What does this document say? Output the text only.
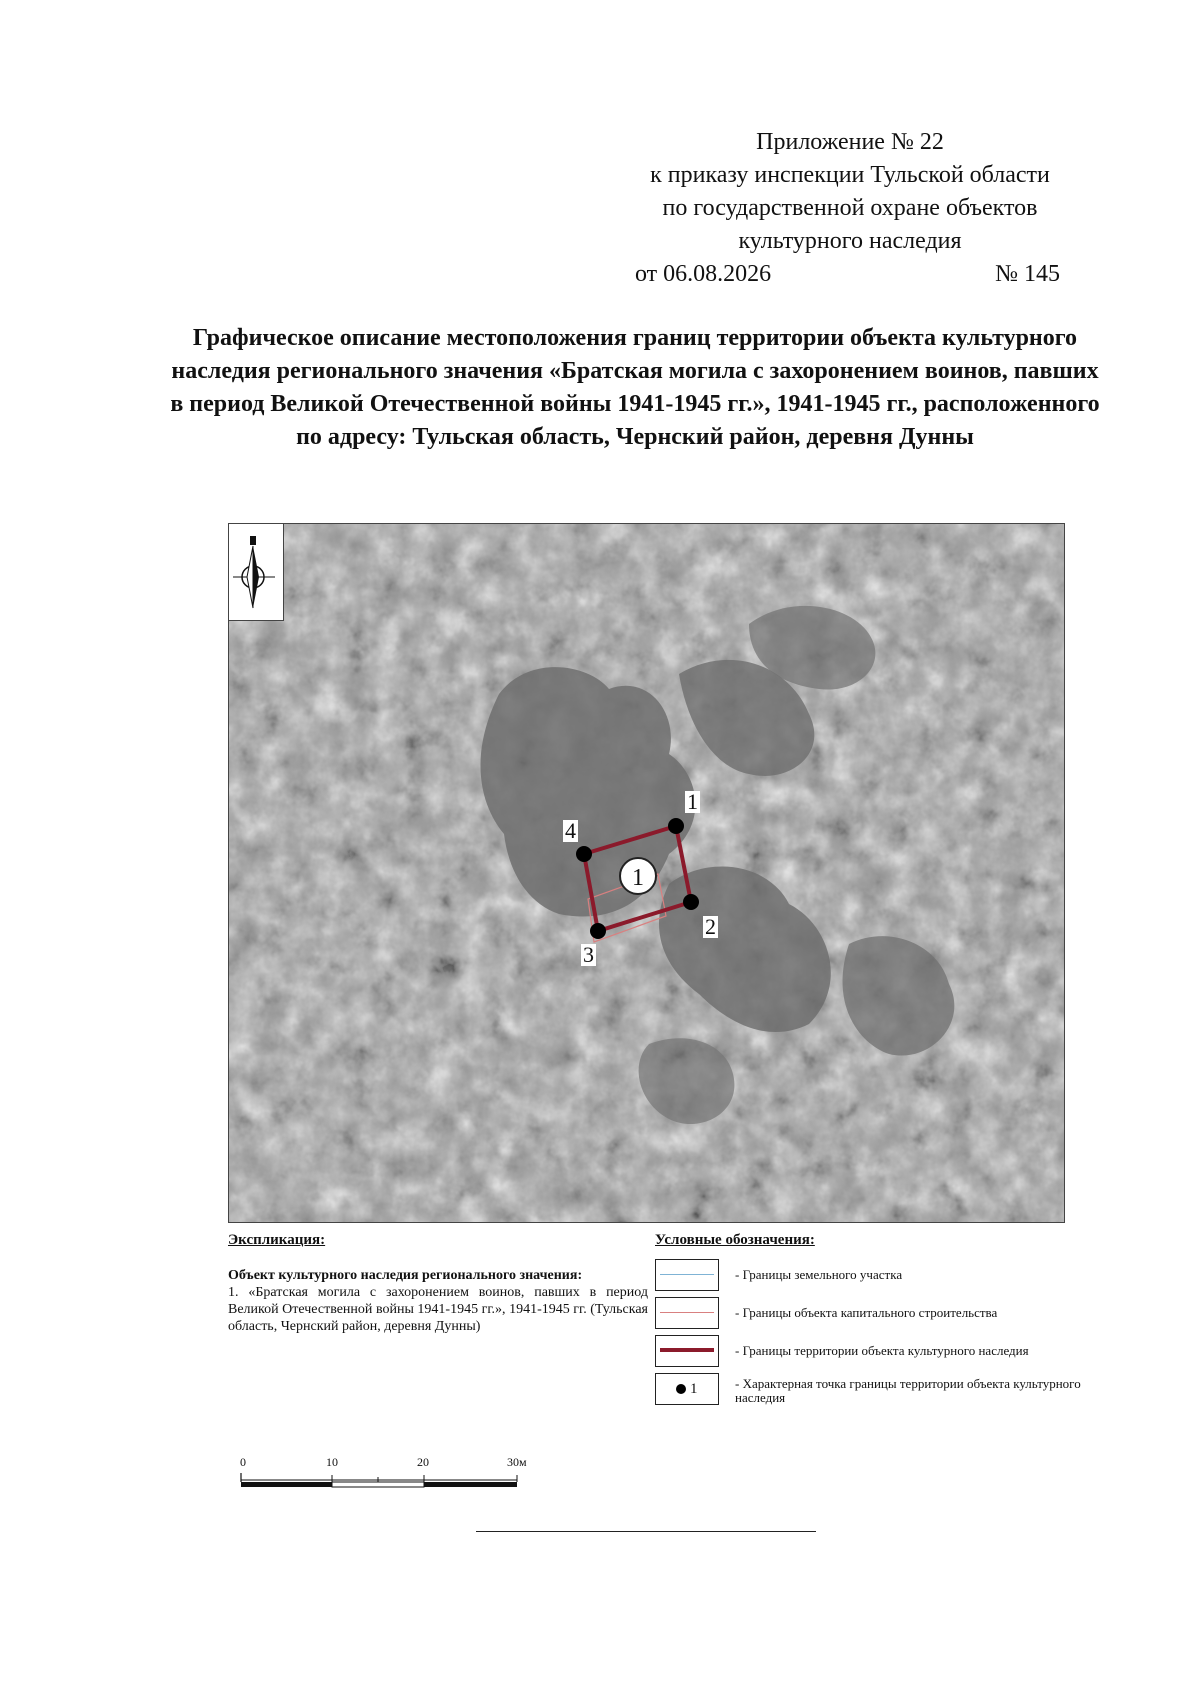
Приложение № 22
к приказу инспекции Тульской области
по государственной охране объектов
культурного наследия
от 06.08.2026	№ 145
Графическое описание местоположения границ территории объекта культурного наследия регионального значения «Братская могила с захоронением воинов, павших в период Великой Отечественной войны 1941-1945 гг.», 1941-1945 гг., расположенного по адресу: Тульская область, Чернский район, деревня Дунны
1
2
3
4
1
Экспликация:
Объект культурного наследия регионального значения:
1. «Братская могила с захоронением воинов, павших в период Великой Отечественной войны 1941-1945 гг.», 1941-1945 гг. (Тульская область, Чернский район, деревня Дунны)
Условные обозначения:
- Границы земельного участка
- Границы объекта капитального строительства
- Границы территории объекта культурного наследия
1	- Характерная точка границы территории объекта культурного наследия
0	10	20	30м
